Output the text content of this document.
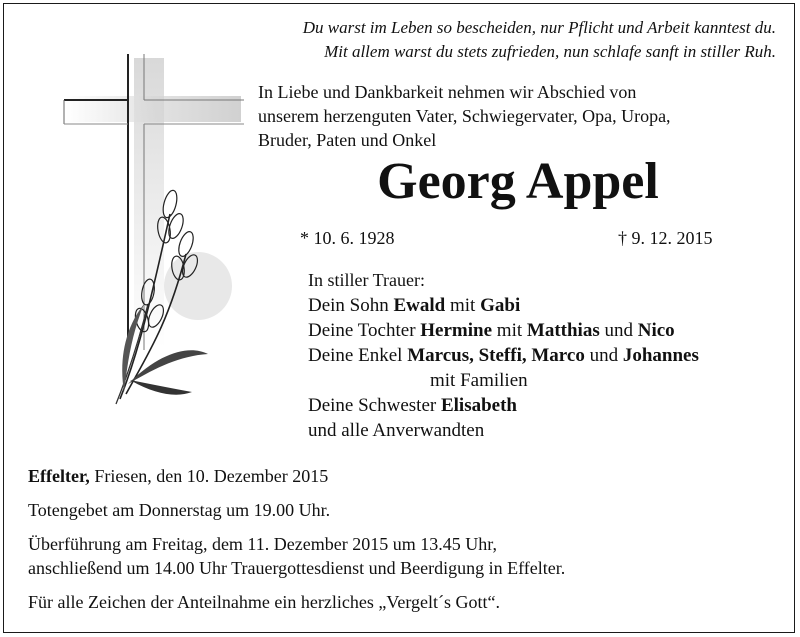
Du warst im Leben so bescheiden, nur Pflicht und Arbeit kanntest du.
Mit allem warst du stets zufrieden, nun schlafe sanft in stiller Ruh.
In Liebe und Dankbarkeit nehmen wir Abschied von
unserem herzenguten Vater, Schwiegervater, Opa, Uropa,
Bruder, Paten und Onkel
Georg Appel
* 10. 6. 1928	† 9. 12. 2015
In stiller Trauer:
Dein Sohn Ewald mit Gabi
Deine Tochter Hermine mit Matthias und Nico
Deine Enkel Marcus, Steffi, Marco und Johannes
mit Familien
Deine Schwester Elisabeth
und alle Anverwandten
Effelter, Friesen, den 10. Dezember 2015
Totengebet am Donnerstag um 19.00 Uhr.
Überführung am Freitag, dem 11. Dezember 2015 um 13.45 Uhr,
anschließend um 14.00 Uhr Trauergottesdienst und Beerdigung in Effelter.
Für alle Zeichen der Anteilnahme ein herzliches „Vergelt´s Gott“.
